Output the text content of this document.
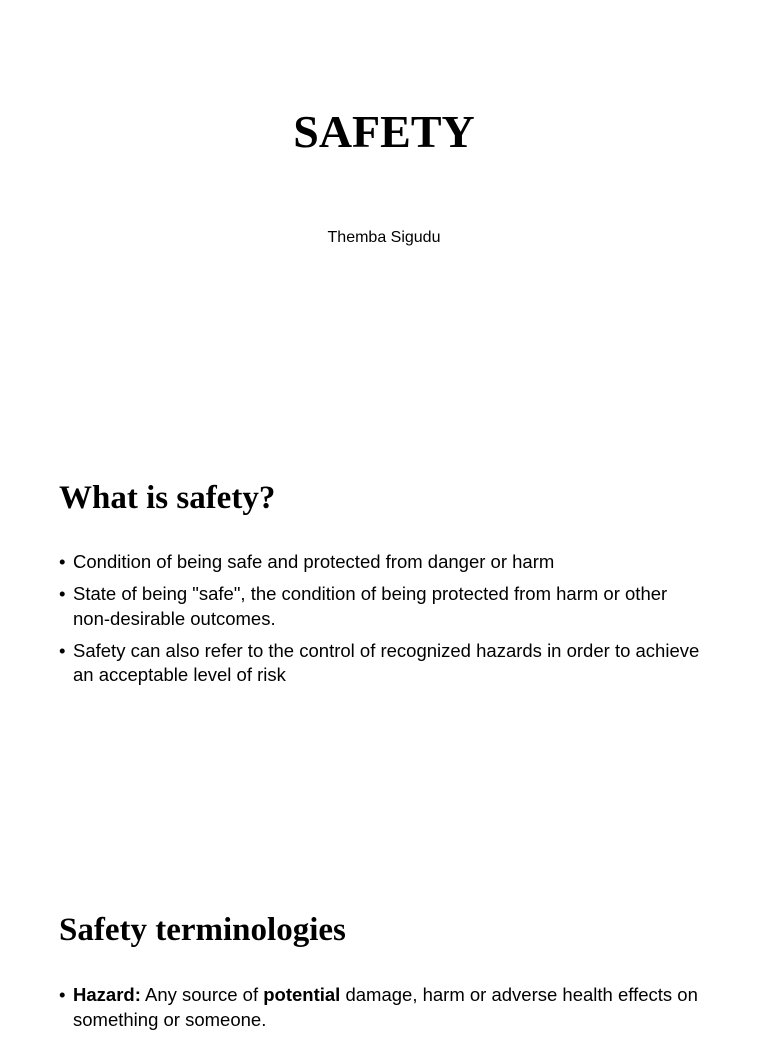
SAFETY

Themba Sigudu

What is safety?
• Condition of being safe and protected from danger or harm
• State of being "safe", the condition of being protected from harm or other non-desirable outcomes.
• Safety can also refer to the control of recognized hazards in order to achieve an acceptable level of risk
Safety terminologies
• Hazard: Any source of potential damage, harm or adverse health effects on something or someone.
